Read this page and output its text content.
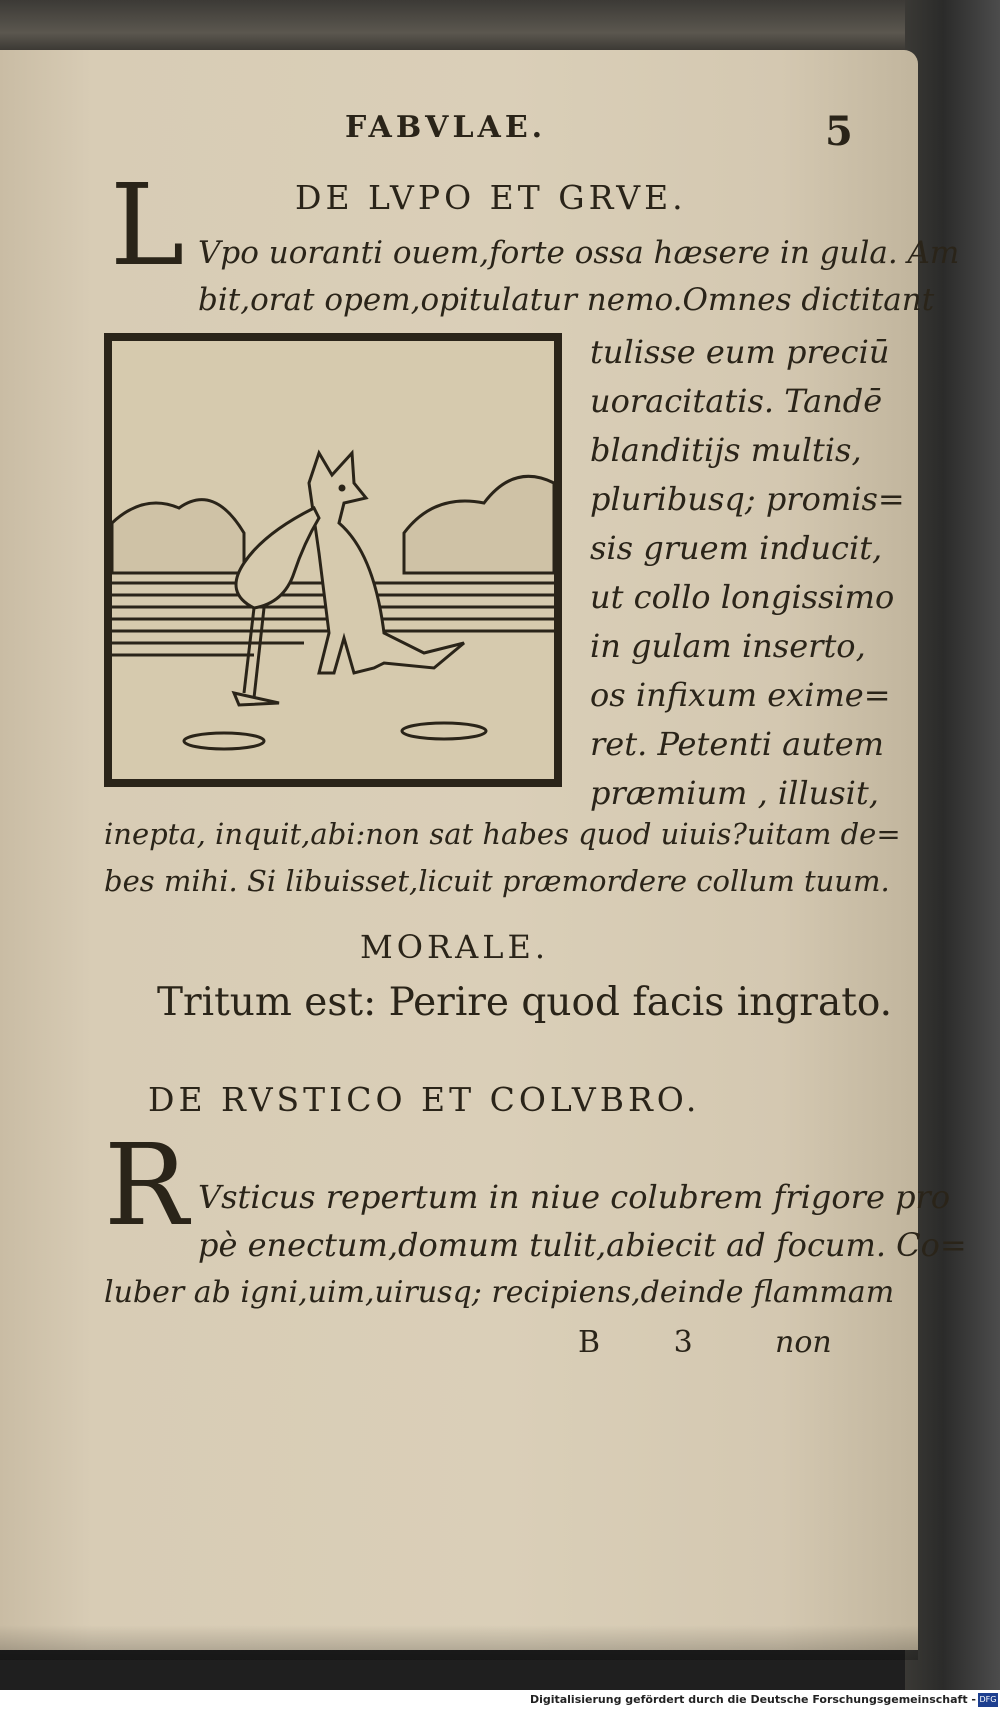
FABVLAE.	5
L	DE LVPO ET GRVE.
Vpo uoranti ouem,forte ossa hæsere in gula. Am
bit,orat opem,opitulatur nemo.Omnes dictitant
tulisse eum preciū
uoracitatis. Tandē
blanditijs multis,
pluribusq; promis=
sis gruem inducit,
ut collo longissimo
in gulam inserto,
os infixum exime=
ret. Petenti autem
præmium , illusit,
inepta, inquit,abi:non sat habes quod uiuis?uitam de=
bes mihi. Si libuisset,licuit præmordere collum tuum.
MORALE.
Tritum est: Perire quod facis ingrato.
DE RVSTICO ET COLVBRO.
R Vsticus repertum in niue colubrem frigore pro
pè enectum,domum tulit,abiecit ad focum. Co=
luber ab igni,uim,uirusq; recipiens,deinde flammam
B 3 non
Digitalisierung gefördert durch die Deutsche Forschungsgemeinschaft - DFG
